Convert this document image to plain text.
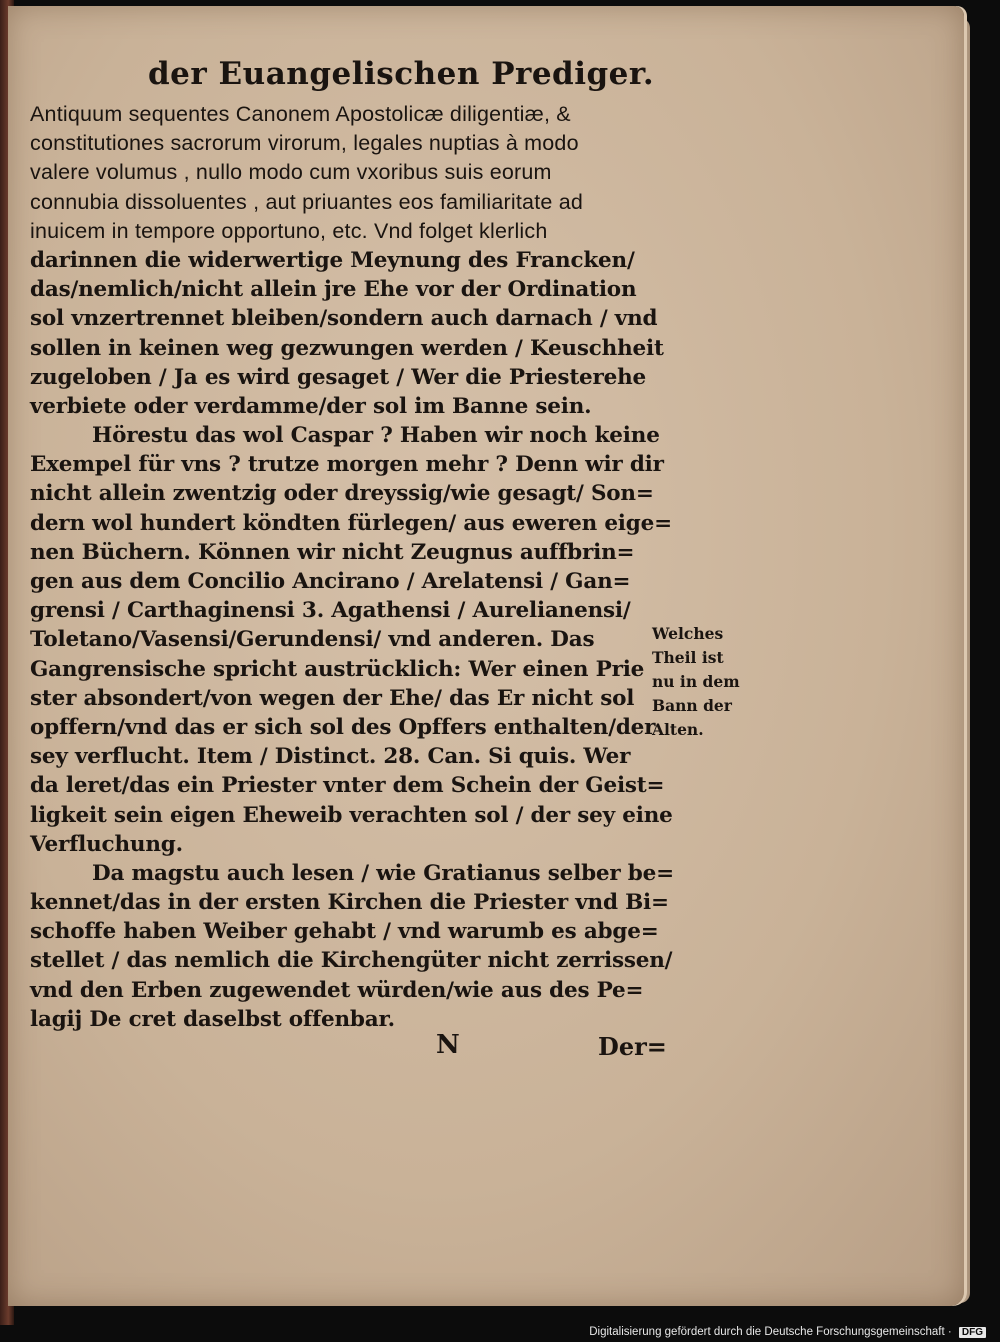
der Euangelischen Prediger.
Antiquum sequentes Canonem Apostolicæ diligentiæ, &
constitutiones sacrorum virorum, legales nuptias à modo
valere volumus , nullo modo cum vxoribus suis eorum
connubia dissoluentes , aut priuantes eos familiaritate ad
inuicem in tempore opportuno, etc. Vnd folget klerlich
darinnen die widerwertige Meynung des Francken/
das/nemlich/nicht allein jre Ehe vor der Ordination
sol vnzertrennet bleiben/sondern auch darnach / vnd
sollen in keinen weg gezwungen werden / Keuschheit
zugeloben / Ja es wird gesaget / Wer die Priesterehe
verbiete oder verdamme/der sol im Banne sein.
Hörestu das wol Caspar ? Haben wir noch keine
Exempel für vns ? trutze morgen mehr ? Denn wir dir
nicht allein zwentzig oder dreyssig/wie gesagt/ Son=
dern wol hundert köndten fürlegen/ aus eweren eige=
nen Büchern. Können wir nicht Zeugnus auffbrin=
gen aus dem Concilio Ancirano / Arelatensi / Gan=
grensi / Carthaginensi 3. Agathensi / Aurelianensi/
Toletano/Vasensi/Gerundensi/ vnd anderen. Das
Gangrensische spricht austrücklich: Wer einen Prie
ster absondert/von wegen der Ehe/ das Er nicht sol
opffern/vnd das er sich sol des Opffers enthalten/der
sey verflucht. Item / Distinct. 28. Can. Si quis. Wer
da leret/das ein Priester vnter dem Schein der Geist=
ligkeit sein eigen Eheweib verachten sol / der sey eine
Verfluchung.
Da magstu auch lesen / wie Gratianus selber be=
kennet/das in der ersten Kirchen die Priester vnd Bi=
schoffe haben Weiber gehabt / vnd warumb es abge=
stellet / das nemlich die Kirchengüter nicht zerrissen/
vnd den Erben zugewendet würden/wie aus des Pe=
lagij De cret daselbst offenbar.
Welches
Theil ist
nu in dem
Bann der
Alten.
N	Der=
Digitalisierung gefördert durch die Deutsche Forschungsgemeinschaft · DFG
